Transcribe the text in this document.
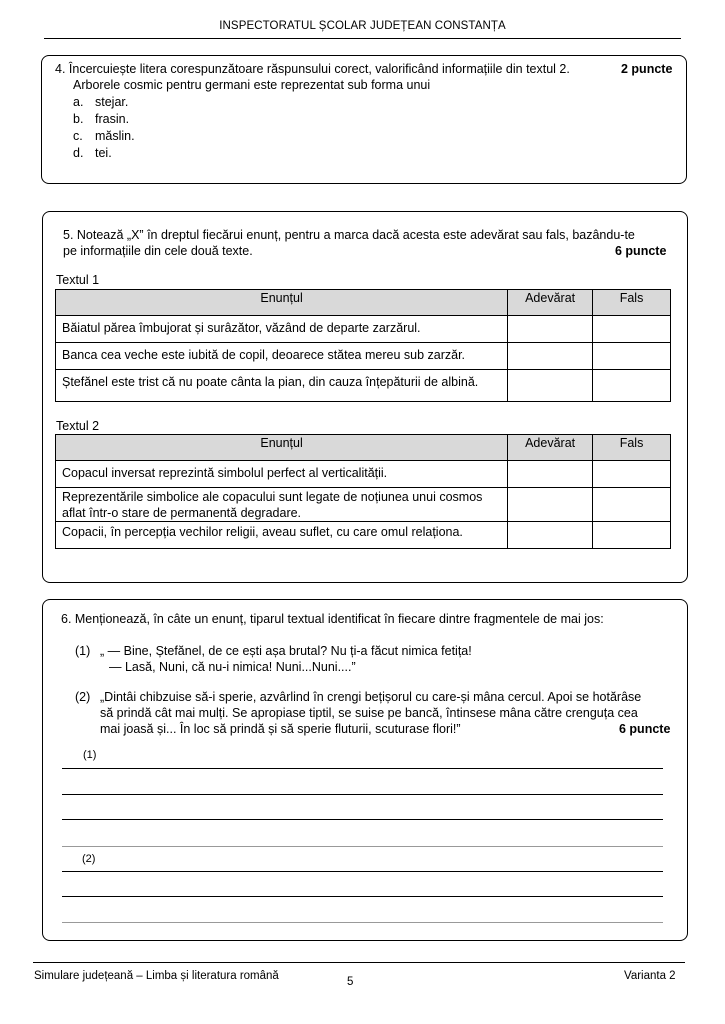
INSPECTORATUL ȘCOLAR JUDEȚEAN CONSTANȚA
4. Încercuiește litera corespunzătoare răspunsului corect, valorificând informațiile din textul 2.	2 puncte
Arborele cosmic pentru germani este reprezentat sub forma unui
a. stejar.
b. frasin.
c. măslin.
d. tei.
5. Notează „X” în dreptul fiecărui enunț, pentru a marca dacă acesta este adevărat sau fals, bazându-te
pe informațiile din cele două texte.	6 puncte
Textul 1
Enunțul	Adevărat	Fals
Băiatul părea îmbujorat și surâzător, văzând de departe zarzărul.		
Banca cea veche este iubită de copil, deoarece stătea mereu sub zarzăr.		
Ștefănel este trist că nu poate cânta la pian, din cauza înțepăturii de albină.		
Textul 2
Enunțul	Adevărat	Fals
Copacul inversat reprezintă simbolul perfect al verticalității.		
Reprezentările simbolice ale copacului sunt legate de noțiunea unui cosmos aflat într-o stare de permanentă degradare.		
Copacii, în percepția vechilor religii, aveau suflet, cu care omul relaționa.		
6. Menționează, în câte un enunț, tiparul textual identificat în fiecare dintre fragmentele de mai jos:
(1) „ — Bine, Ștefănel, de ce ești așa brutal? Nu ți-a făcut nimica fetița!
— Lasă, Nuni, că nu-i nimica! Nuni...Nuni....”
(2) „Dintâi chibzuise să-i sperie, azvârlind în crengi bețișorul cu care-și mâna cercul. Apoi se hotărâse
să prindă cât mai mulți. Se apropiase tiptil, se suise pe bancă, întinsese mâna către crenguța cea
mai joasă și... În loc să prindă și să sperie fluturii, scuturase flori!”	6 puncte
(1)
(2)
Simulare județeană – Limba și literatura română	5	Varianta 2
